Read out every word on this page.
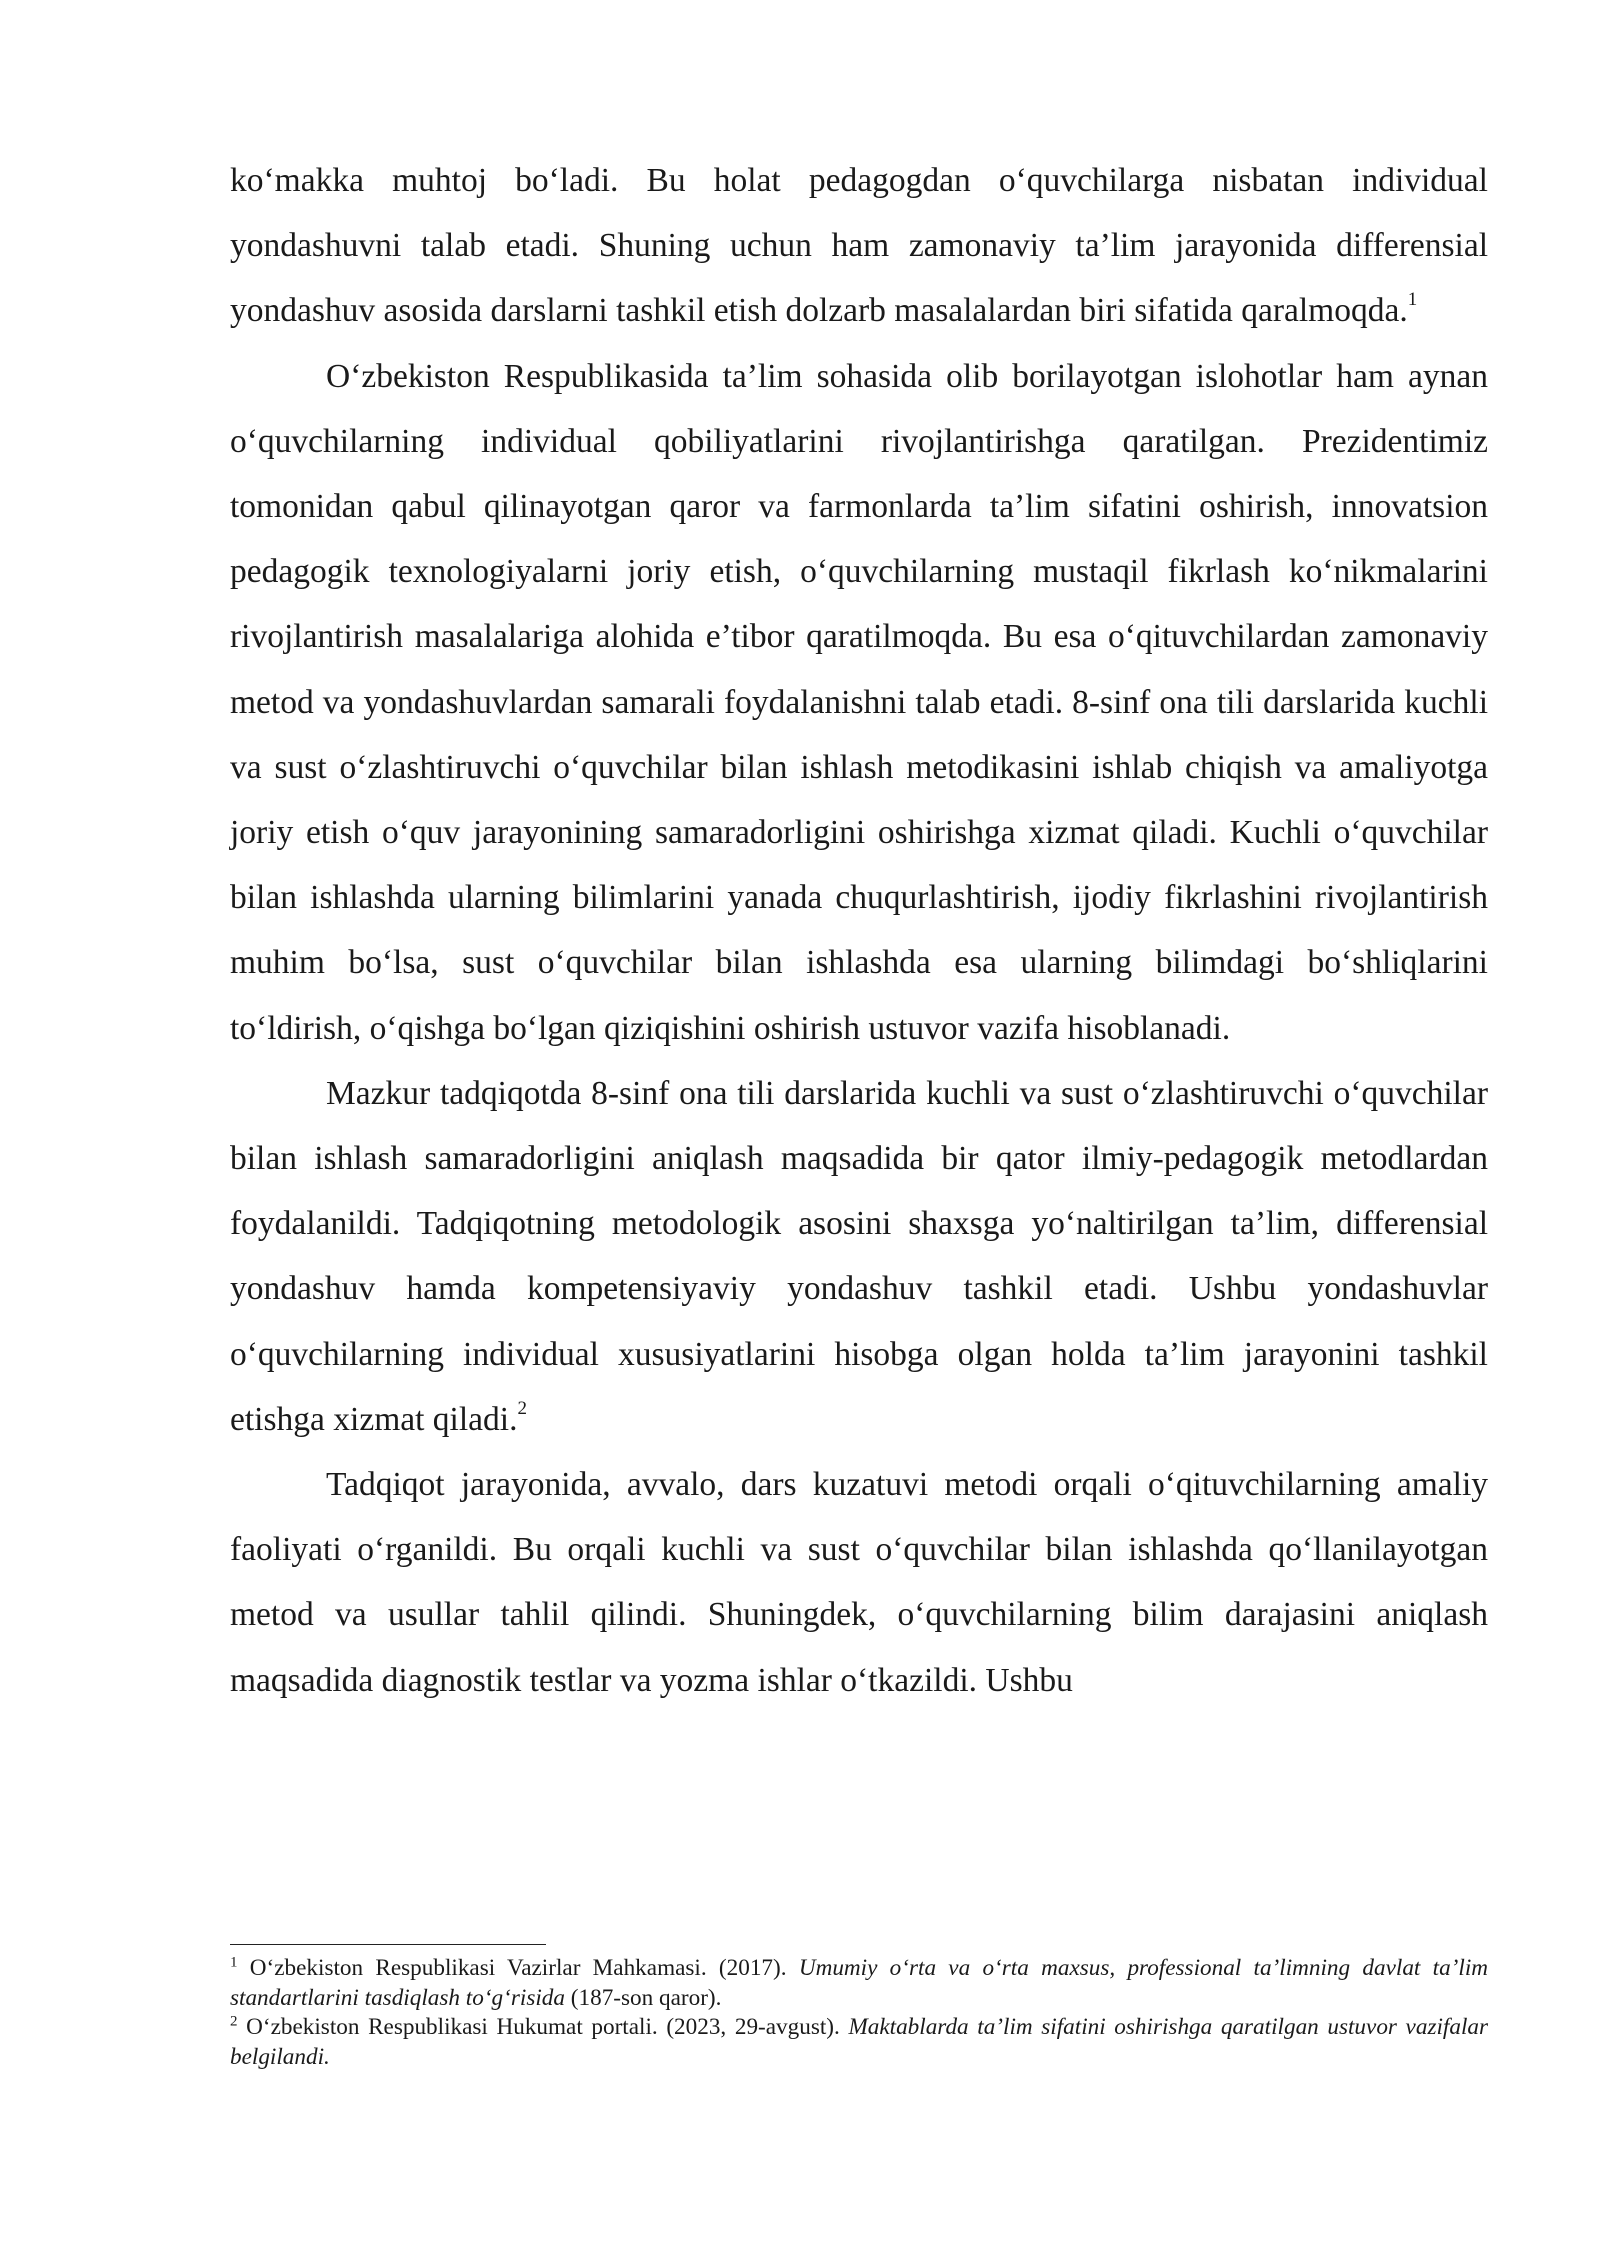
ko‘makka muhtoj bo‘ladi. Bu holat pedagogdan o‘quvchilarga nisbatan individual yondashuvni talab etadi. Shuning uchun ham zamonaviy ta’lim jarayonida differensial yondashuv asosida darslarni tashkil etish dolzarb masalalardan biri sifatida qaralmoqda.$^1$

O‘zbekiston Respublikasida ta’lim sohasida olib borilayotgan islohotlar ham aynan o‘quvchilarning individual qobiliyatlarini rivojlantirishga qaratilgan. Prezidentimiz tomonidan qabul qilinayotgan qaror va farmonlarda ta’lim sifatini oshirish, innovatsion pedagogik texnologiyalarni joriy etish, o‘quvchilarning mustaqil fikrlash ko‘nikmalarini rivojlantirish masalalariga alohida e’tibor qaratilmoqda. Bu esa o‘qituvchilardan zamonaviy metod va yondashuvlardan samarali foydalanishni talab etadi. 8-sinf ona tili darslarida kuchli va sust o‘zlashtiruvchi o‘quvchilar bilan ishlash metodikasini ishlab chiqish va amaliyotga joriy etish o‘quv jarayonining samaradorligini oshirishga xizmat qiladi. Kuchli o‘quvchilar bilan ishlashda ularning bilimlarini yanada chuqurlashtirish, ijodiy fikrlashini rivojlantirish muhim bo‘lsa, sust o‘quvchilar bilan ishlashda esa ularning bilimdagi bo‘shliqlarini to‘ldirish, o‘qishga bo‘lgan qiziqishini oshirish ustuvor vazifa hisoblanadi.

Mazkur tadqiqotda 8-sinf ona tili darslarida kuchli va sust o‘zlashtiruvchi o‘quvchilar bilan ishlash samaradorligini aniqlash maqsadida bir qator ilmiy-pedagogik metodlardan foydalanildi. Tadqiqotning metodologik asosini shaxsga yo‘naltirilgan ta’lim, differensial yondashuv hamda kompetensiyaviy yondashuv tashkil etadi. Ushbu yondashuvlar o‘quvchilarning individual xususiyatlarini hisobga olgan holda ta’lim jarayonini tashkil etishga xizmat qiladi.$^2$

Tadqiqot jarayonida, avvalo, dars kuzatuvi metodi orqali o‘qituvchilarning amaliy faoliyati o‘rganildi. Bu orqali kuchli va sust o‘quvchilar bilan ishlashda qo‘llanilayotgan metod va usullar tahlil qilindi. Shuningdek, o‘quvchilarning bilim darajasini aniqlash maqsadida diagnostik testlar va yozma ishlar o‘tkazildi. Ushbu

$^1$ O‘zbekiston Respublikasi Vazirlar Mahkamasi. (2017). Umumiy o‘rta va o‘rta maxsus, professional ta’limning davlat ta’lim standartlarini tasdiqlash to‘g‘risida (187-son qaror).

$^2$ O‘zbekiston Respublikasi Hukumat portali. (2023, 29-avgust). Maktablarda ta’lim sifatini oshirishga qaratilgan ustuvor vazifalar belgilandi.
